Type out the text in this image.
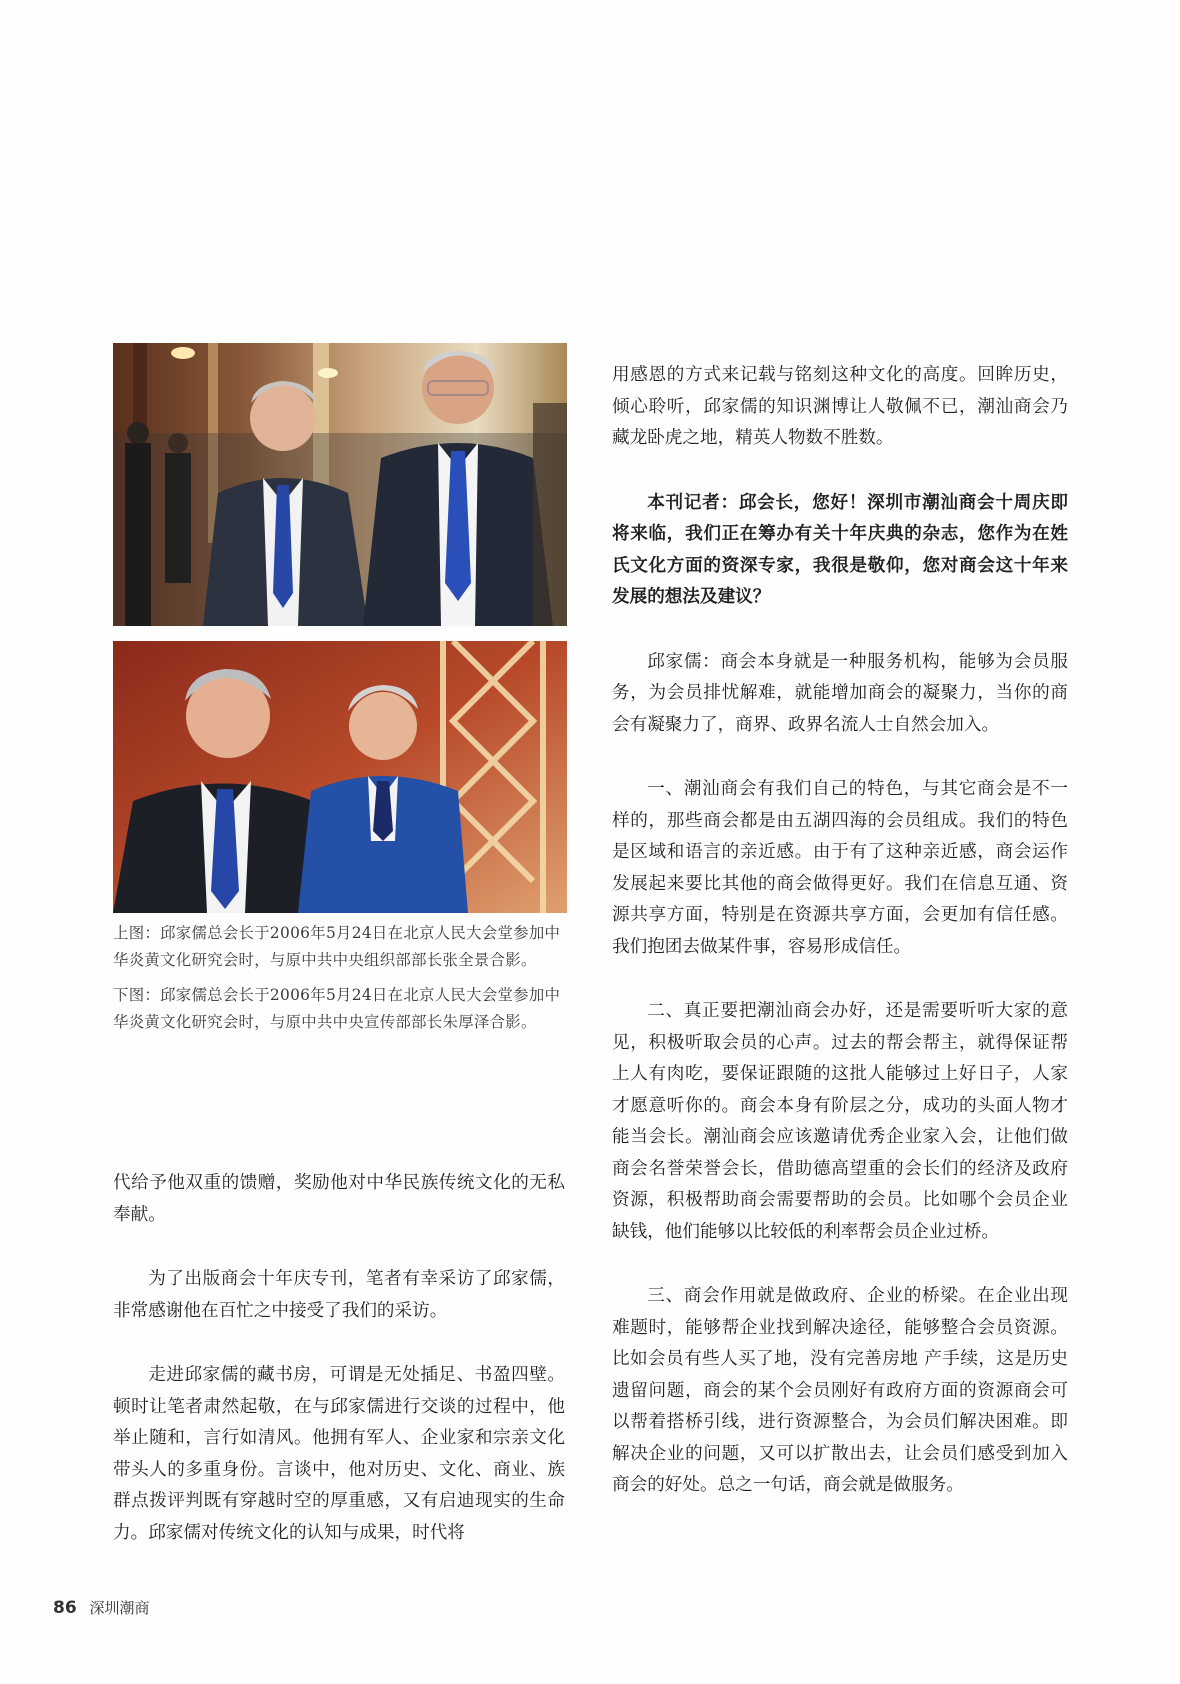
上图：邱家儒总会长于2006年5月24日在北京人民大会堂参加中华炎黄文化研究会时，与原中共中央组织部部长张全景合影。

下图：邱家儒总会长于2006年5月24日在北京人民大会堂参加中华炎黄文化研究会时，与原中共中央宣传部部长朱厚泽合影。

代给予他双重的馈赠，奖励他对中华民族传统文化的无私奉献。

为了出版商会十年庆专刊，笔者有幸采访了邱家儒，非常感谢他在百忙之中接受了我们的采访。

走进邱家儒的藏书房，可谓是无处插足、书盈四壁。顿时让笔者肃然起敬，在与邱家儒进行交谈的过程中，他举止随和，言行如清风。他拥有军人、企业家和宗亲文化带头人的多重身份。言谈中，他对历史、文化、商业、族群点拨评判既有穿越时空的厚重感，又有启迪现实的生命力。邱家儒对传统文化的认知与成果，时代将

用感恩的方式来记载与铭刻这种文化的高度。回眸历史，倾心聆听，邱家儒的知识渊博让人敬佩不已，潮汕商会乃藏龙卧虎之地，精英人物数不胜数。

本刊记者：邱会长，您好！深圳市潮汕商会十周庆即将来临，我们正在筹办有关十年庆典的杂志，您作为在姓氏文化方面的资深专家，我很是敬仰，您对商会这十年来发展的想法及建议？

邱家儒：商会本身就是一种服务机构，能够为会员服务，为会员排忧解难，就能增加商会的凝聚力，当你的商会有凝聚力了，商界、政界名流人士自然会加入。

一、潮汕商会有我们自己的特色，与其它商会是不一样的，那些商会都是由五湖四海的会员组成。我们的特色是区域和语言的亲近感。由于有了这种亲近感，商会运作发展起来要比其他的商会做得更好。我们在信息互通、资源共享方面，特别是在资源共享方面，会更加有信任感。我们抱团去做某件事，容易形成信任。

二、真正要把潮汕商会办好，还是需要听听大家的意见，积极听取会员的心声。过去的帮会帮主，就得保证帮上人有肉吃，要保证跟随的这批人能够过上好日子，人家才愿意听你的。商会本身有阶层之分，成功的头面人物才能当会长。潮汕商会应该邀请优秀企业家入会，让他们做商会名誉荣誉会长，借助德高望重的会长们的经济及政府资源，积极帮助商会需要帮助的会员。比如哪个会员企业缺钱，他们能够以比较低的利率帮会员企业过桥。

三、商会作用就是做政府、企业的桥梁。在企业出现难题时，能够帮企业找到解决途径，能够整合会员资源。比如会员有些人买了地，没有完善房地 产手续，这是历史遗留问题，商会的某个会员刚好有政府方面的资源商会可以帮着搭桥引线，进行资源整合，为会员们解决困难。即解决企业的问题，又可以扩散出去，让会员们感受到加入商会的好处。总之一句话，商会就是做服务。

86 深圳潮商
